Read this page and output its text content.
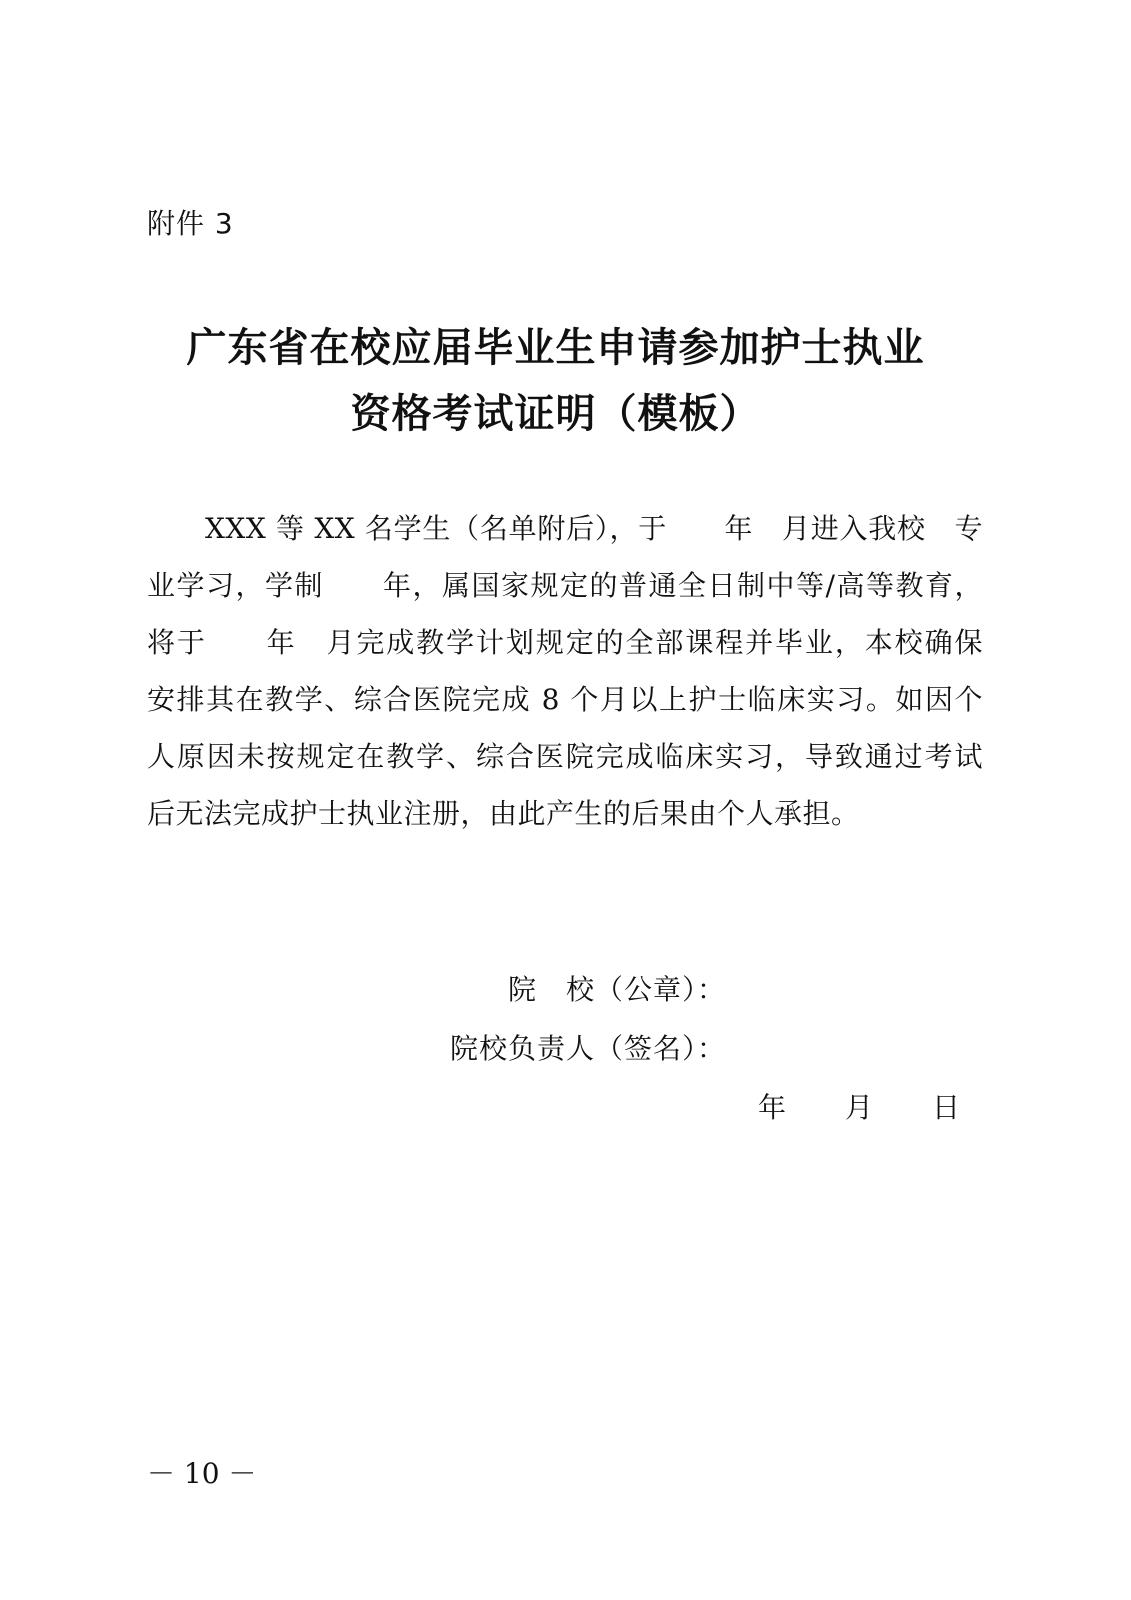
附件 3
广东省在校应届毕业生申请参加护士执业
资格考试证明（模板）
XXX 等 XX 名学生（名单附后），于　　年　月进入我校　专
业学习，学制　　年，属国家规定的普通全日制中等/高等教育，
将于　　年　月完成教学计划规定的全部课程并毕业，本校确保
安排其在教学、综合医院完成 8 个月以上护士临床实习。如因个
人原因未按规定在教学、综合医院完成临床实习，导致通过考试
后无法完成护士执业注册，由此产生的后果由个人承担。
院　校（公章）：
院校负责人（签名）：
年　　月　　日
－ 10 －
